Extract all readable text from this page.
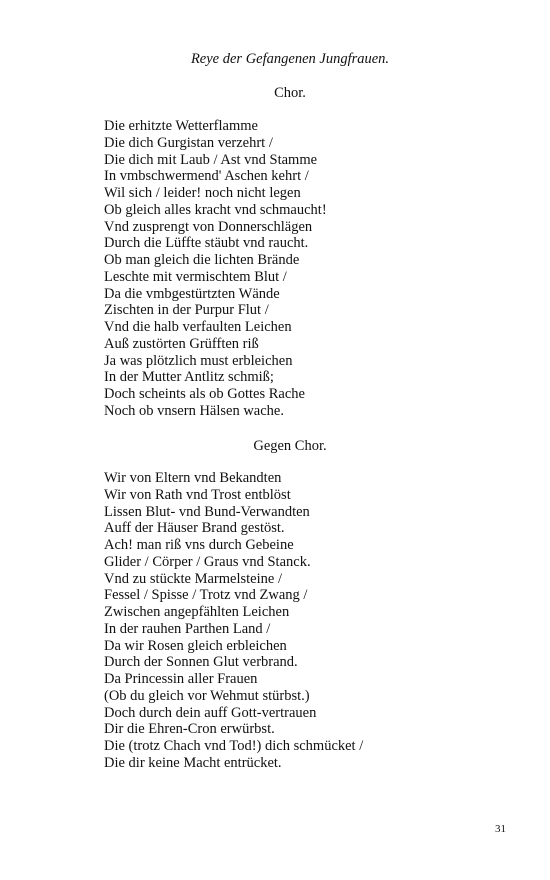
Reye der Gefangenen Jungfrauen.
Chor.
Die erhitzte Wetterflamme
Die dich Gurgistan verzehrt /
Die dich mit Laub / Ast vnd Stamme
In vmbschwermend' Aschen kehrt /
Wil sich / leider! noch nicht legen
Ob gleich alles kracht vnd schmaucht!
Vnd zusprengt von Donnerschlägen
Durch die Lüffte stäubt vnd raucht.
Ob man gleich die lichten Brände
Leschte mit vermischtem Blut /
Da die vmbgestürtzten Wände
Zischten in der Purpur Flut /
Vnd die halb verfaulten Leichen
Auß zustörten Grüfften riß
Ja was plötzlich must erbleichen
In der Mutter Antlitz schmiß;
Doch scheints als ob Gottes Rache
Noch ob vnsern Hälsen wache.
Gegen Chor.
Wir von Eltern vnd Bekandten
Wir von Rath vnd Trost entblöst
Lissen Blut- vnd Bund-Verwandten
Auff der Häuser Brand gestöst.
Ach! man riß vns durch Gebeine
Glider / Cörper / Graus vnd Stanck.
Vnd zu stückte Marmelsteine /
Fessel / Spisse / Trotz vnd Zwang /
Zwischen angepfählten Leichen
In der rauhen Parthen Land /
Da wir Rosen gleich erbleichen
Durch der Sonnen Glut verbrand.
Da Princessin aller Frauen
(Ob du gleich vor Wehmut stürbst.)
Doch durch dein auff Gott-vertrauen
Dir die Ehren-Cron erwürbst.
Die (trotz Chach vnd Tod!) dich schmücket /
Die dir keine Macht entrücket.
31
